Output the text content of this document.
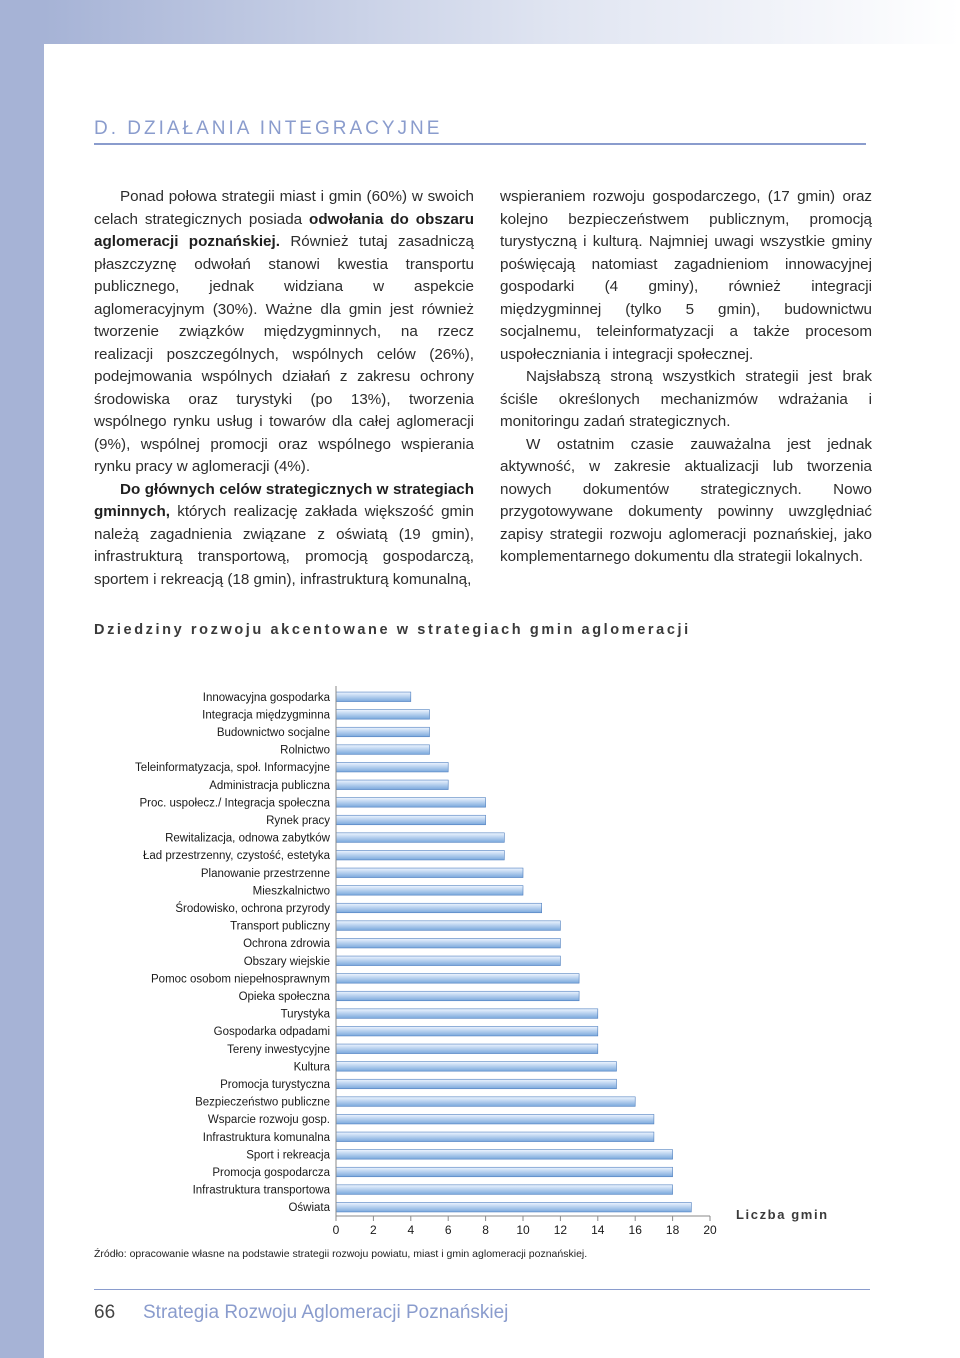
D. DZIAŁANIA INTEGRACYJNE

Ponad połowa strategii miast i gmin (60%) w swoich celach strategicznych posiada odwołania do obszaru aglomeracji poznańskiej. Również tutaj zasadniczą płaszczyznę odwołań stanowi kwestia transportu publicznego, jednak widziana w aspekcie aglomeracyjnym (30%). Ważne dla gmin jest również tworzenie związków międzygminnych, na rzecz realizacji poszczególnych, wspólnych celów (26%), podejmowania wspólnych działań z zakresu ochrony środowiska oraz turystyki (po 13%), tworzenia wspólnego rynku usług i towarów dla całej aglomeracji (9%), wspólnej promocji oraz wspólnego wspierania rynku pracy w aglomeracji (4%).

Do głównych celów strategicznych w strategiach gminnych, których realizację zakłada większość gmin należą zagadnienia związane z oświatą (19 gmin), infrastrukturą transportową, promocją gospodarczą, sportem i rekreacją (18 gmin), infrastrukturą komunalną,

wspieraniem rozwoju gospodarczego, (17 gmin) oraz kolejno bezpieczeństwem publicznym, promocją turystyczną i kulturą. Najmniej uwagi wszystkie gminy poświęcają natomiast zagadnieniom innowacyjnej gospodarki (4 gminy), również integracji międzygminnej (tylko 5 gmin), budownictwu socjalnemu, teleinformatyzacji a także procesom uspołeczniania i integracji społecznej.

Najsłabszą stroną wszystkich strategii jest brak ściśle określonych mechanizmów wdrażania i monitoringu zadań strategicznych.

W ostatnim czasie zauważalna jest jednak aktywność, w zakresie aktualizacji lub tworzenia nowych dokumentów strategicznych. Nowo przygotowywane dokumenty powinny uwzględniać zapisy strategii rozwoju aglomeracji poznańskiej, jako komplementarnego dokumentu dla strategii lokalnych.

Dziedziny rozwoju akcentowane w strategiach gmin aglomeracji
Innowacyjna gospodarka
Integracja międzygminna
Budownictwo socjalne
Rolnictwo
Teleinformatyzacja, społ. Informacyjne
Administracja publiczna
Proc. uspołecz./ Integracja społeczna
Rynek pracy
Rewitalizacja, odnowa zabytków
Ład przestrzenny, czystość, estetyka
Planowanie przestrzenne
Mieszkalnictwo
Środowisko, ochrona przyrody
Transport publiczny
Ochrona zdrowia
Obszary wiejskie
Pomoc osobom niepełnosprawnym
Opieka społeczna
Turystyka
Gospodarka odpadami
Tereny inwestycyjne
Kultura
Promocja turystyczna
Bezpieczeństwo publiczne
Wsparcie rozwoju gosp.
Infrastruktura komunalna
Sport i rekreacja
Promocja gospodarcza
Infrastruktura transportowa
Oświata
0	2	4	6	8 10 12 14 16 18 20
Liczba gmin
Źródło: opracowanie własne na podstawie strategii rozwoju powiatu, miast i gmin aglomeracji poznańskiej.
66 Strategia Rozwoju Aglomeracji Poznańskiej
